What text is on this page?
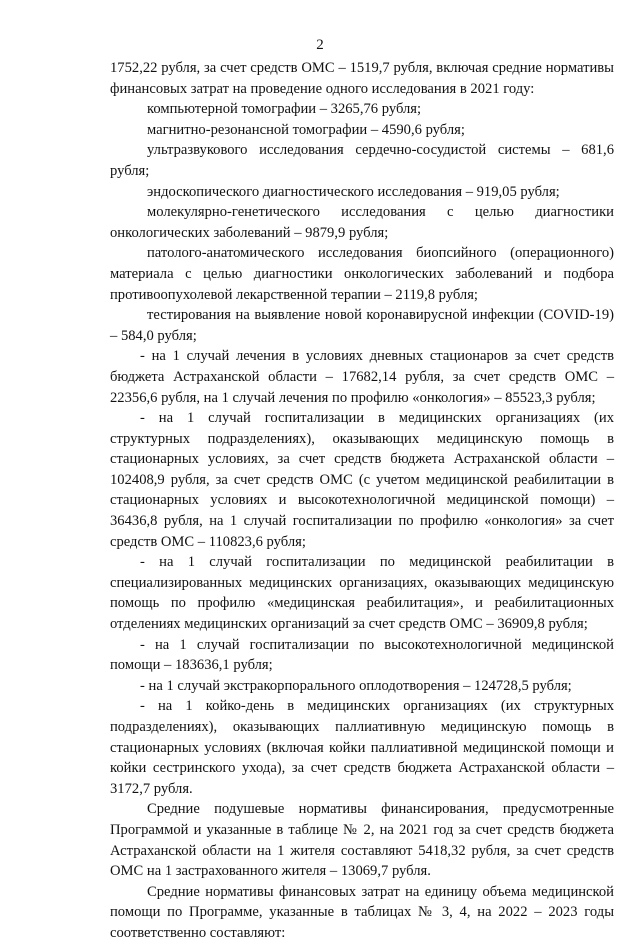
2

1752,22 рубля, за счет средств ОМС – 1519,7 рубля, включая средние нормативы финансовых затрат на проведение одного исследования в 2021 году:

компьютерной томографии – 3265,76 рубля;

магнитно-резонансной томографии – 4590,6 рубля;

ультразвукового исследования сердечно-сосудистой системы – 681,6 рубля;

эндоскопического диагностического исследования – 919,05 рубля;

молекулярно-генетического исследования с целью диагностики онкологических заболеваний – 9879,9 рубля;

патолого-анатомического исследования биопсийного (операционного) материала с целью диагностики онкологических заболеваний и подбора противоопухолевой лекарственной терапии – 2119,8 рубля;

тестирования на выявление новой коронавирусной инфекции (COVID-19) – 584,0 рубля;

- на 1 случай лечения в условиях дневных стационаров за счет средств бюджета Астраханской области – 17682,14 рубля, за счет средств ОМС – 22356,6 рубля, на 1 случай лечения по профилю «онкология» – 85523,3 рубля;

- на 1 случай госпитализации в медицинских организациях (их структурных подразделениях), оказывающих медицинскую помощь в стационарных условиях, за счет средств бюджета Астраханской области – 102408,9 рубля, за счет средств ОМС (с учетом медицинской реабилитации в стационарных условиях и высокотехнологичной медицинской помощи) – 36436,8 рубля, на 1 случай госпитализации по профилю «онкология» за счет средств ОМС – 110823,6 рубля;

- на 1 случай госпитализации по медицинской реабилитации в специализированных медицинских организациях, оказывающих медицинскую помощь по профилю «медицинская реабилитация», и реабилитационных отделениях медицинских организаций за счет средств ОМС – 36909,8 рубля;

- на 1 случай госпитализации по высокотехнологичной медицинской помощи – 183636,1 рубля;

- на 1 случай экстракорпорального оплодотворения – 124728,5 рубля;

- на 1 койко-день в медицинских организациях (их структурных подразделениях), оказывающих паллиативную медицинскую помощь в стационарных условиях (включая койки паллиативной медицинской помощи и койки сестринского ухода), за счет средств бюджета Астраханской области – 3172,7 рубля.

Средние подушевые нормативы финансирования, предусмотренные Программой и указанные в таблице № 2, на 2021 год за счет средств бюджета Астраханской области на 1 жителя составляют 5418,32 рубля, за счет средств ОМС на 1 застрахованного жителя – 13069,7 рубля.

Средние нормативы финансовых затрат на единицу объема медицинской помощи по Программе, указанные в таблицах № 3, 4, на 2022 – 2023 годы соответственно составляют:
